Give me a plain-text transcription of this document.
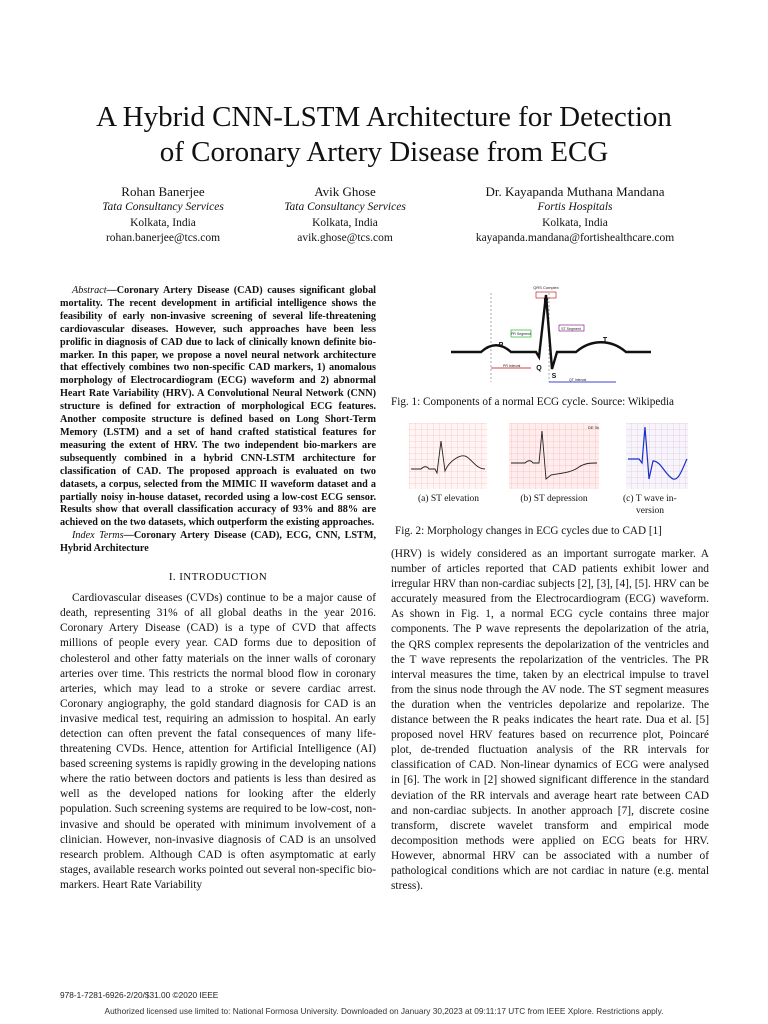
A Hybrid CNN-LSTM Architecture for Detection
of Coronary Artery Disease from ECG
Rohan Banerjee
Tata Consultancy Services
Kolkata, India
rohan.banerjee@tcs.com
Avik Ghose
Tata Consultancy Services
Kolkata, India
avik.ghose@tcs.com
Dr. Kayapanda Muthana Mandana
Fortis Hospitals
Kolkata, India
kayapanda.mandana@fortishealthcare.com

Abstract—Coronary Artery Disease (CAD) causes significant global mortality. The recent development in artificial intelligence shows the feasibility of early non-invasive screening of several life-threatening cardiovascular diseases. However, such approaches have been less prolific in diagnosis of CAD due to lack of clinically known definite bio-marker. In this paper, we propose a novel neural network architecture that effectively combines two non-specific CAD markers, 1) anomalous morphology of Electrocardiogram (ECG) waveform and 2) abnormal Heart Rate Variability (HRV). A Convolutional Neural Network (CNN) structure is defined for extraction of morphological ECG features. Another composite structure is defined based on Long Short-Term Memory (LSTM) and a set of hand crafted statistical features for measuring the extent of HRV. The two independent bio-markers are subsequently combined in a hybrid CNN-LSTM architecture for classification of CAD. The proposed approach is evaluated on two datasets, a corpus, selected from the MIMIC II waveform dataset and a partially noisy in-house dataset, recorded using a low-cost ECG sensor. Results show that overall classification accuracy of 93% and 88% are achieved on the two datasets, which outperform the existing approaches.

Index Terms—Coronary Artery Disease (CAD), ECG, CNN, LSTM, Hybrid Architecture

I. INTRODUCTION

Cardiovascular diseases (CVDs) continue to be a major cause of death, representing 31% of all global deaths in the year 2016. Coronary Artery Disease (CAD) is a type of CVD that affects millions of people every year. CAD forms due to deposition of cholesterol and other fatty materials on the inner walls of coronary arteries over time. This restricts the normal blood flow in coronary arteries, which may lead to a stroke or severe cardiac arrest. Coronary angiography, the gold standard diagnosis for CAD is an invasive medical test, requiring an admission to hospital. An early detection can often prevent the fatal consequences of many life-threatening CVDs. Hence, attention for Artificial Intelligence (AI) based screening systems is rapidly growing in the developing nations where the ratio between doctors and patients is less than desired as well as the developed nations for looking after the elderly population. Such screening systems are required to be low-cost, non-invasive and should be operated with minimum involvement of a clinician. However, non-invasive diagnosis of CAD is an unsolved research problem. Although CAD is often asymptomatic at early stages, available research works pointed out several non-specific bio-markers. Heart Rate Variability

QRS Complex
PR Segment
ST Segment
P
R
Q
S
T
PR Interval
QT Interval

Fig. 1: Components of a normal ECG cycle. Source: Wikipedia

DE 3h
(a) ST elevation	(b) ST depression	(c) T wave in-
version

Fig. 2: Morphology changes in ECG cycles due to CAD [1]

(HRV) is widely considered as an important surrogate marker. A number of articles reported that CAD patients exhibit lower and irregular HRV than non-cardiac subjects [2], [3], [4], [5]. HRV can be accurately measured from the Electrocardiogram (ECG) waveform. As shown in Fig. 1, a normal ECG cycle contains three major components. The P wave represents the depolarization of the atria, the QRS complex represents the depolarization of the ventricles and the T wave represents the repolarization of the ventricles. The PR interval measures the time, taken by an electrical impulse to travel from the sinus node through the AV node. The ST segment measures the duration when the ventricles depolarize and repolarize. The distance between the R peaks indicates the heart rate. Dua et al. [5] proposed novel HRV features based on recurrence plot, Poincaré plot, de-trended fluctuation analysis of the RR intervals for classification of CAD. Non-linear dynamics of ECG were analysed in [6]. The work in [2] showed significant difference in the standard deviation of the RR intervals and average heart rate between CAD and non-cardiac subjects. In another approach [7], discrete cosine transform, discrete wavelet transform and empirical mode decomposition methods were applied on ECG beats for HRV. However, abnormal HRV can be associated with a number of pathological conditions which are not cardiac in nature (e.g. mental stress).

978-1-7281-6926-2/20/$31.00 ©2020 IEEE
Authorized licensed use limited to: National Formosa University. Downloaded on January 30,2023 at 09:11:17 UTC from IEEE Xplore. Restrictions apply.
